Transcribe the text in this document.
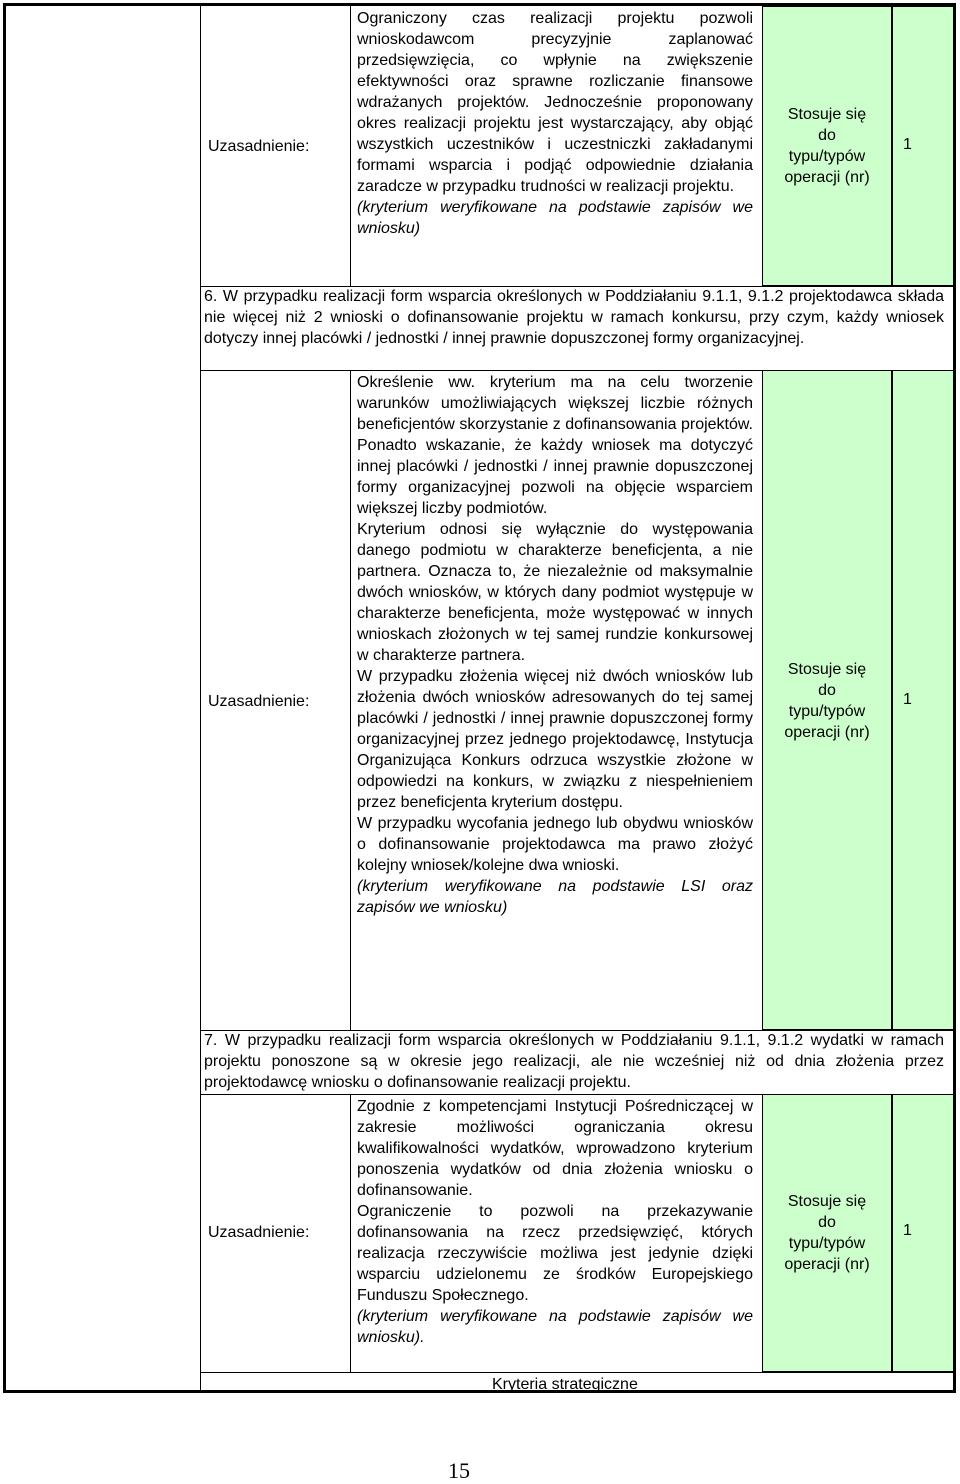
Uzasadnienie:

Ograniczony czas realizacji projektu pozwoli wnioskodawcom precyzyjnie zaplanować przedsięwzięcia, co wpłynie na zwiększenie efektywności oraz sprawne rozliczanie finansowe wdrażanych projektów. Jednocześnie proponowany okres realizacji projektu jest wystarczający, aby objąć wszystkich uczestników i uczestniczki zakładanymi formami wsparcia i podjąć odpowiednie działania zaradcze w przypadku trudności w realizacji projektu.

(kryterium weryfikowane na podstawie zapisów we wniosku)

Stosuje się

do

typu/typów

operacji (nr)

1
6. W przypadku realizacji form wsparcia określonych w Poddziałaniu 9.1.1, 9.1.2 projektodawca składa nie więcej niż 2 wnioski o dofinansowanie projektu w ramach konkursu, przy czym, każdy wniosek dotyczy innej placówki / jednostki / innej prawnie dopuszczonej formy organizacyjnej.
Uzasadnienie:

Określenie ww. kryterium ma na celu tworzenie warunków umożliwiających większej liczbie różnych beneficjentów skorzystanie z dofinansowania projektów. Ponadto wskazanie, że każdy wniosek ma dotyczyć innej placówki / jednostki / innej prawnie dopuszczonej formy organizacyjnej pozwoli na objęcie wsparciem większej liczby podmiotów.

Kryterium odnosi się wyłącznie do występowania danego podmiotu w charakterze beneficjenta, a nie partnera. Oznacza to, że niezależnie od maksymalnie dwóch wniosków, w których dany podmiot występuje w charakterze beneficjenta, może występować w innych wnioskach złożonych w tej samej rundzie konkursowej w charakterze partnera.

W przypadku złożenia więcej niż dwóch wniosków lub złożenia dwóch wniosków adresowanych do tej samej placówki / jednostki / innej prawnie dopuszczonej formy organizacyjnej przez jednego projektodawcę, Instytucja Organizująca Konkurs odrzuca wszystkie złożone w odpowiedzi na konkurs, w związku z niespełnieniem przez beneficjenta kryterium dostępu.

W przypadku wycofania jednego lub obydwu wniosków o dofinansowanie projektodawca ma prawo złożyć kolejny wniosek/kolejne dwa wnioski.

(kryterium weryfikowane na podstawie LSI oraz zapisów we wniosku)

Stosuje się

do

typu/typów

operacji (nr)

1
7. W przypadku realizacji form wsparcia określonych w Poddziałaniu 9.1.1, 9.1.2 wydatki w ramach projektu ponoszone są w okresie jego realizacji, ale nie wcześniej niż od dnia złożenia przez projektodawcę wniosku o dofinansowanie realizacji projektu.
Uzasadnienie:

Zgodnie z kompetencjami Instytucji Pośredniczącej w zakresie możliwości ograniczania okresu kwalifikowalności wydatków, wprowadzono kryterium ponoszenia wydatków od dnia złożenia wniosku o dofinansowanie.

Ograniczenie to pozwoli na przekazywanie dofinansowania na rzecz przedsięwzięć, których realizacja rzeczywiście możliwa jest jedynie dzięki wsparciu udzielonemu ze środków Europejskiego Funduszu Społecznego.

(kryterium weryfikowane na podstawie zapisów we wniosku).

Stosuje się

do

typu/typów

operacji (nr)

1
Kryteria strategiczne
15
